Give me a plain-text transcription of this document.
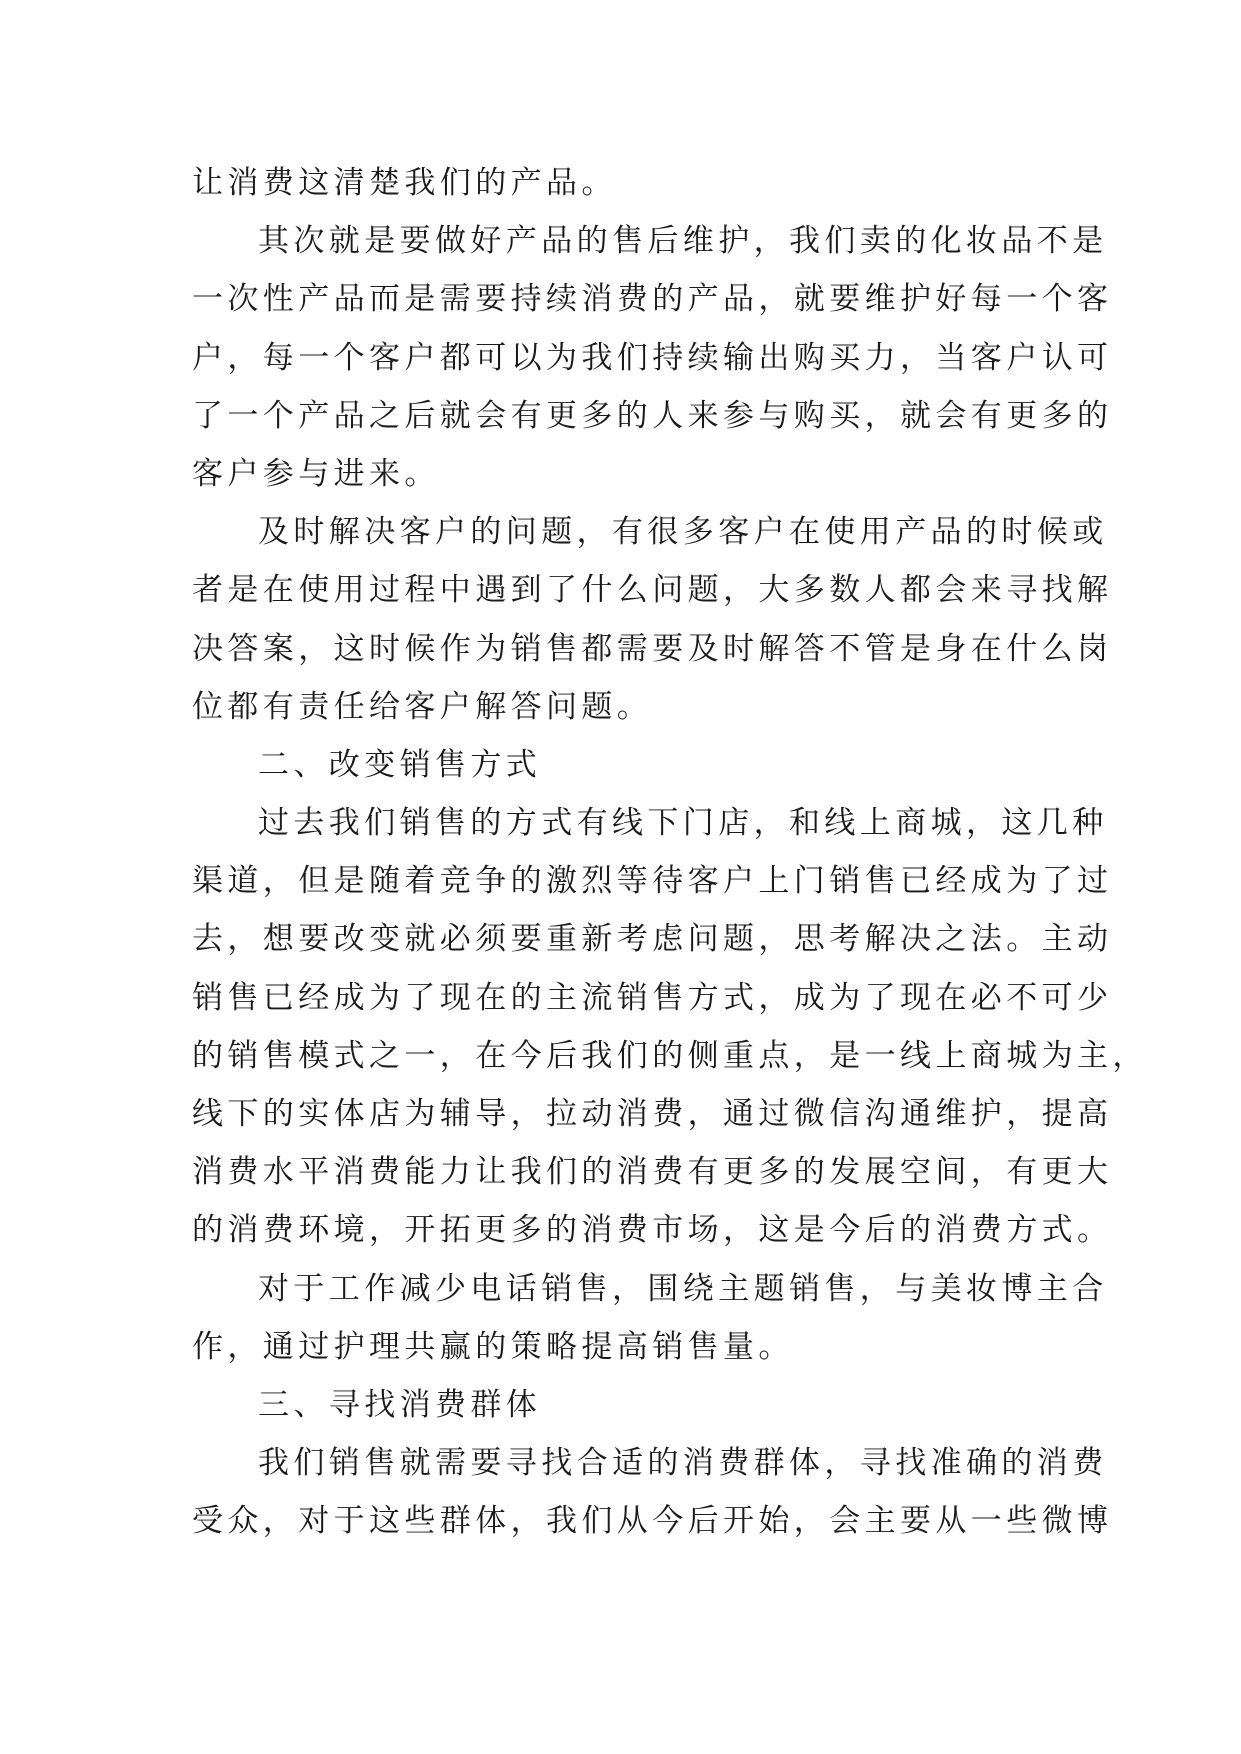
让消费这清楚我们的产品。
其次就是要做好产品的售后维护，我们卖的化妆品不是
一次性产品而是需要持续消费的产品，就要维护好每一个客
户，每一个客户都可以为我们持续输出购买力，当客户认可
了一个产品之后就会有更多的人来参与购买，就会有更多的
客户参与进来。
及时解决客户的问题，有很多客户在使用产品的时候或
者是在使用过程中遇到了什么问题，大多数人都会来寻找解
决答案，这时候作为销售都需要及时解答不管是身在什么岗
位都有责任给客户解答问题。
二、改变销售方式
过去我们销售的方式有线下门店，和线上商城，这几种
渠道，但是随着竞争的激烈等待客户上门销售已经成为了过
去，想要改变就必须要重新考虑问题，思考解决之法。主动
销售已经成为了现在的主流销售方式，成为了现在必不可少
的销售模式之一，在今后我们的侧重点，是一线上商城为主，
线下的实体店为辅导，拉动消费，通过微信沟通维护，提高
消费水平消费能力让我们的消费有更多的发展空间，有更大
的消费环境，开拓更多的消费市场，这是今后的消费方式。
对于工作减少电话销售，围绕主题销售，与美妆博主合
作，通过护理共赢的策略提高销售量。
三、寻找消费群体
我们销售就需要寻找合适的消费群体，寻找准确的消费
受众，对于这些群体，我们从今后开始，会主要从一些微博
